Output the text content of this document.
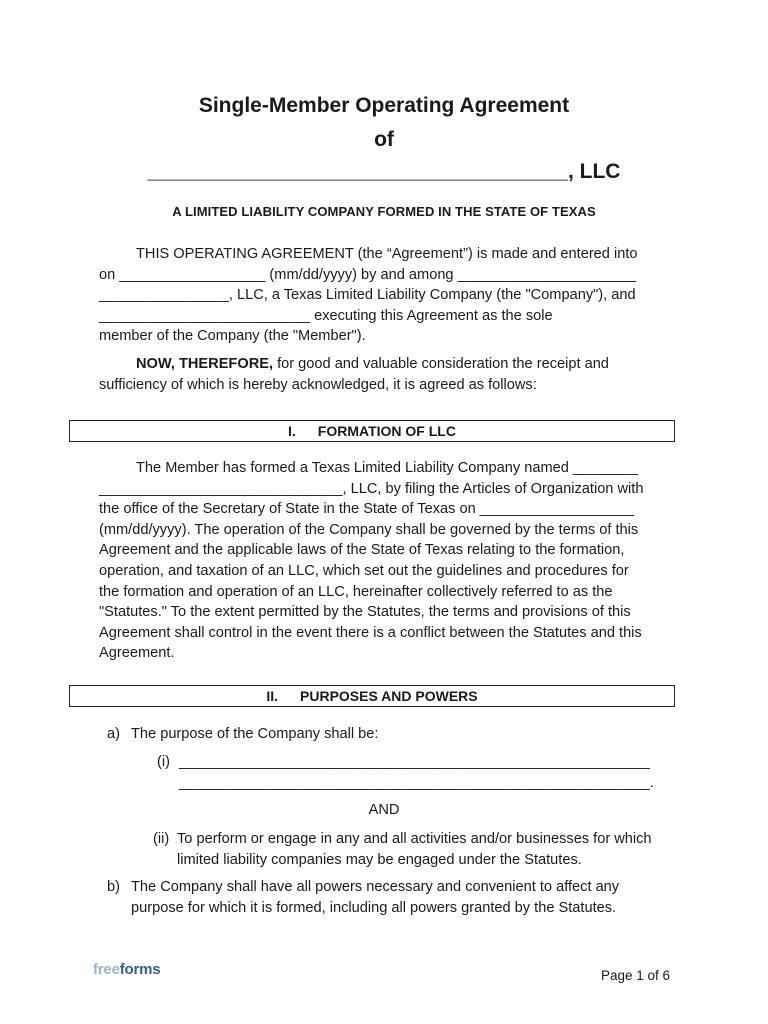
Single-Member Operating Agreement
of
____________________________________, LLC
A LIMITED LIABILITY COMPANY FORMED IN THE STATE OF TEXAS
THIS OPERATING AGREEMENT (the “Agreement”) is made and entered into
on __________________ (mm/dd/yyyy) by and among ______________________
________________, LLC, a Texas Limited Liability Company (the "Company"), and
__________________________ executing this Agreement as the sole
member of the Company (the "Member").
NOW, THEREFORE, for good and valuable consideration the receipt and
sufficiency of which is hereby acknowledged, it is agreed as follows:
I. FORMATION OF LLC
The Member has formed a Texas Limited Liability Company named ________
______________________________, LLC, by filing the Articles of Organization with
the office of the Secretary of State in the State of Texas on ___________________
(mm/dd/yyyy). The operation of the Company shall be governed by the terms of this
Agreement and the applicable laws of the State of Texas relating to the formation,
operation, and taxation of an LLC, which set out the guidelines and procedures for
the formation and operation of an LLC, hereinafter collectively referred to as the
"Statutes." To the extent permitted by the Statutes, the terms and provisions of this
Agreement shall control in the event there is a conflict between the Statutes and this
Agreement.
II. PURPOSES AND POWERS
a) The purpose of the Company shall be:
(i) __________________________________________________________
__________________________________________________________.
AND
(ii) To perform or engage in any and all activities and/or businesses for which
limited liability companies may be engaged under the Statutes.
b) The Company shall have all powers necessary and convenient to affect any
purpose for which it is formed, including all powers granted by the Statutes.
freeforms	Page 1 of 6
